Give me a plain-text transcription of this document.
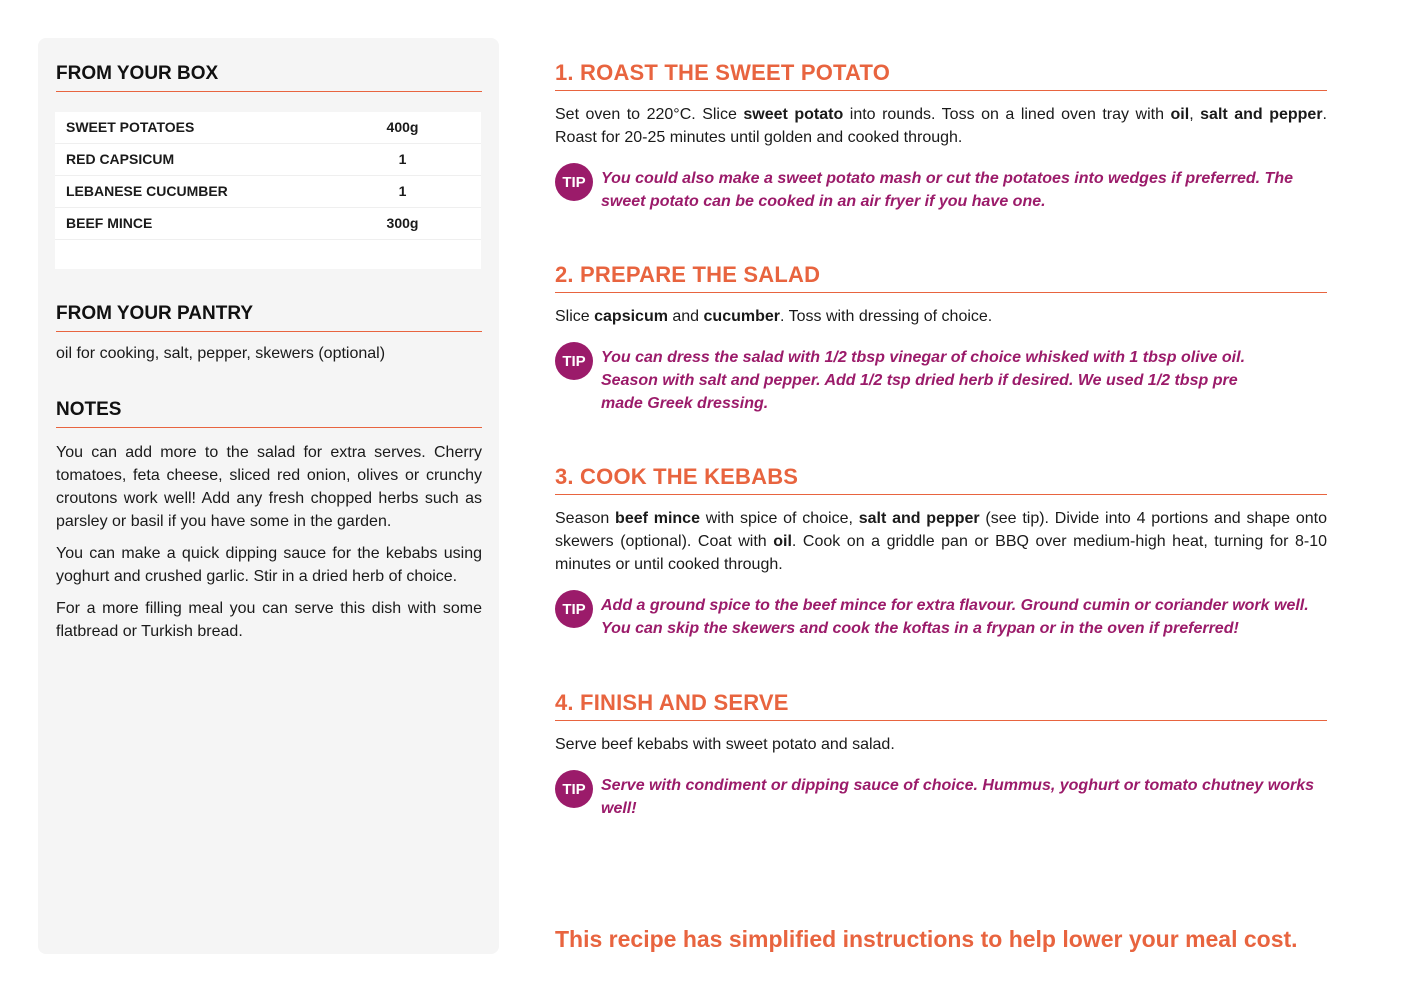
FROM YOUR BOX
SWEET POTATOES	400g
RED CAPSICUM	1
LEBANESE CUCUMBER	1
BEEF MINCE	300g
FROM YOUR PANTRY

oil for cooking, salt, pepper, skewers (optional)

NOTES

You can add more to the salad for extra serves. Cherry tomatoes, feta cheese, sliced red onion, olives or crunchy croutons work well! Add any fresh chopped herbs such as parsley or basil if you have some in the garden.

You can make a quick dipping sauce for the kebabs using yoghurt and crushed garlic. Stir in a dried herb of choice.

For a more filling meal you can serve this dish with some flatbread or Turkish bread.

1. ROAST THE SWEET POTATO

Set oven to 220°C. Slice sweet potato into rounds. Toss on a lined oven tray with oil, salt and pepper. Roast for 20-25 minutes until golden and cooked through.

TIP You could also make a sweet potato mash or cut the potatoes into wedges if preferred. The sweet potato can be cooked in an air fryer if you have one.

2. PREPARE THE SALAD

Slice capsicum and cucumber. Toss with dressing of choice.

TIP You can dress the salad with 1/2 tbsp vinegar of choice whisked with 1 tbsp olive oil. Season with salt and pepper. Add 1/2 tsp dried herb if desired. We used 1/2 tbsp pre made Greek dressing.

3. COOK THE KEBABS

Season beef mince with spice of choice, salt and pepper (see tip). Divide into 4 portions and shape onto skewers (optional). Coat with oil. Cook on a griddle pan or BBQ over medium-high heat, turning for 8-10 minutes or until cooked through.

TIP Add a ground spice to the beef mince for extra flavour. Ground cumin or coriander work well. You can skip the skewers and cook the koftas in a frypan or in the oven if preferred!

4. FINISH AND SERVE

Serve beef kebabs with sweet potato and salad.

TIP Serve with condiment or dipping sauce of choice. Hummus, yoghurt or tomato chutney works well!

This recipe has simplified instructions to help lower your meal cost.
